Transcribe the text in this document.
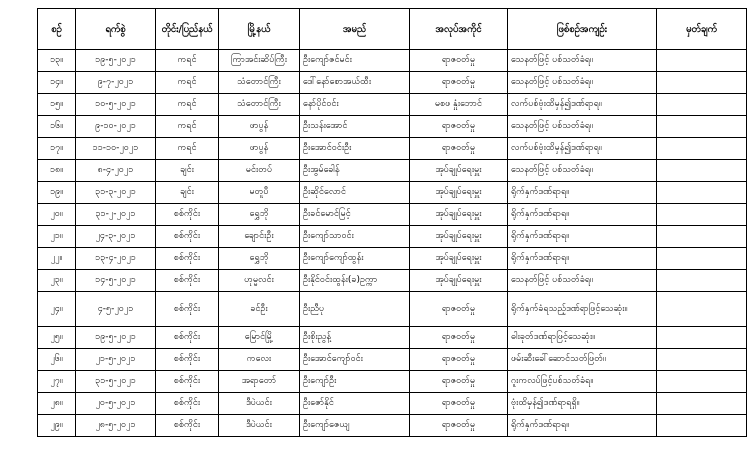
စဉ်	ရက်စွဲ	တိုင်း/ပြည်နယ်	မြို့နယ်	အမည်	အလုပ်အကိုင်	ဖြစ်စဉ်အကျဉ်း	မှတ်ချက်
၁၃။	၁၉-၅-၂၀၂၁	ကရင်	ကြာအင်းဆိပ်ကြီး	ဦးကျော်ဇင်မင်း	ရာဇဝတ်မှု	သေနတ်ဖြင့် ပစ်သတ်ခံရ။	
၁၄။	၉-၇-၂၀၂၁	ကရင်	သံတောင်ကြီး	ဒေါ်နော်စောအယ်ထီး	ရာဇဝတ်မှု	သေနတ်ဖြင့် ပစ်သတ်ခံရ။	
၁၅။	၁၀-၅-၂၀၂၁	ကရင်	သံတောင်ကြီး	နော်ပိုင်ဝင်း	မစဖ နှုံးဘောင်	လက်ပစ်ဗုံးထိမှန်၍ဒဏ်ရာရ။	
၁၆။	၉-၁၀-၂၀၂၁	ကရင်	ဖာပွန်	ဦးသန်းအောင်	ရာဇဝတ်မှု	သေနတ်ဖြင့် ပစ်သတ်ခံရ။	
၁၇။	၁၁-၁၀-၂၀၂၁	ကရင်	ဖာပွန်	ဦးအောင်ဝင်းဦး	ရာဇဝတ်မှု	လက်ပစ်ဗုံးထိမှန်၍ဒဏ်ရာရ။	
၁၈။	၈-၄-၂၀၂၁	ချင်း	မင်းတပ်	ဦးအွမ်ခေါန်	အုပ်ချုပ်ရေးမှူး	သေနတ်ဖြင့် ပစ်သတ်ခံရ။	
၁၉။	၃၁-၃-၂၀၂၁	ချင်း	မတူပီ	ဦးဆိုင်လောင်	အုပ်ချုပ်ရေးမှူး	ရိုက်နှက်ဒဏ်ရာရ။	
၂၀။	၃၁-၂-၂၀၂၁	စစ်ကိုင်း	ရွှေဘို	ဦးခင်မောင်မြင့်	အုပ်ချုပ်ရေးမှူး	ရိုက်နှက်ဒဏ်ရာရ။	
၂၁။	၂၄-၃-၂၀၂၁	စစ်ကိုင်း	ချောင်းဦး	ဦးကျော်သာဝင်း	အုပ်ချုပ်ရေးမှူး	ရိုက်နှက်ဒဏ်ရာရ။	
၂၂။	၁၃-၄-၂၀၂၁	စစ်ကိုင်း	ရွှေဘို	ဦးကျော်ကျော်ထွန်း	အုပ်ချုပ်ရေးမှူး	ရိုက်နှက်ဒဏ်ရာရ။	
၂၃။	၁၄-၅-၂၀၂၁	စစ်ကိုင်း	ဟုမ္မလင်း	ဦးနိုင်ဝင်းထွန်း(ခ)ဥက္ကာ	အုပ်ချုပ်ရေးမှူး	သေနတ်ဖြင့် ပစ်သတ်ခံရ။	
၂၄။	၄-၅-၂၀၂၁	စစ်ကိုင်း	ခင်ဦး	ဦးညီပု	ရာဇဝတ်မှု	ရိုက်နှက်ခံရသည့်ဒဏ်ရာဖြင့်သေဆုံး။	
၂၅။	၁၉-၅-၂၀၂၁	စစ်ကိုင်း	မြောင်မြို့	ဦးစိုးညွန့်	ရာဇဝတ်မှု	ဓါးခုတ်ဒဏ်ရာဖြင့်သေဆုံး။	
၂၆။	၂၁-၅-၂၀၂၁	စစ်ကိုင်း	ကလေး	ဦးအောင်ကျော်ဝင်း	ရာဇဝတ်မှု	ဖမ်းဆီးခေါ်ဆောင်သတ်ဖြတ်။	
၂၇။	၃၁-၅-၂၀၂၁	စစ်ကိုင်း	အရာတော်	ဦးကျော်ဦး	ရာဇဝတ်မှု	ဂူးကလပ်ဖြင့်ပစ်သတ်ခံရ။	
၂၈။	၂၀-၅-၂၀၂၁	စစ်ကိုင်း	ဒီပဲယင်း	ဦးဇော်နိုင်	ရာဇဝတ်မှု	ဗုံးထိမှန်၍ဒဏ်ရာရရှိ။	
၂၉။	၂၈-၅-၂၀၂၁	စစ်ကိုင်း	ဒီပဲယင်း	ဦးကျော်ဇေယျ	ရာဇဝတ်မှု	ရိုက်နှက်ဒဏ်ရာရ။	
